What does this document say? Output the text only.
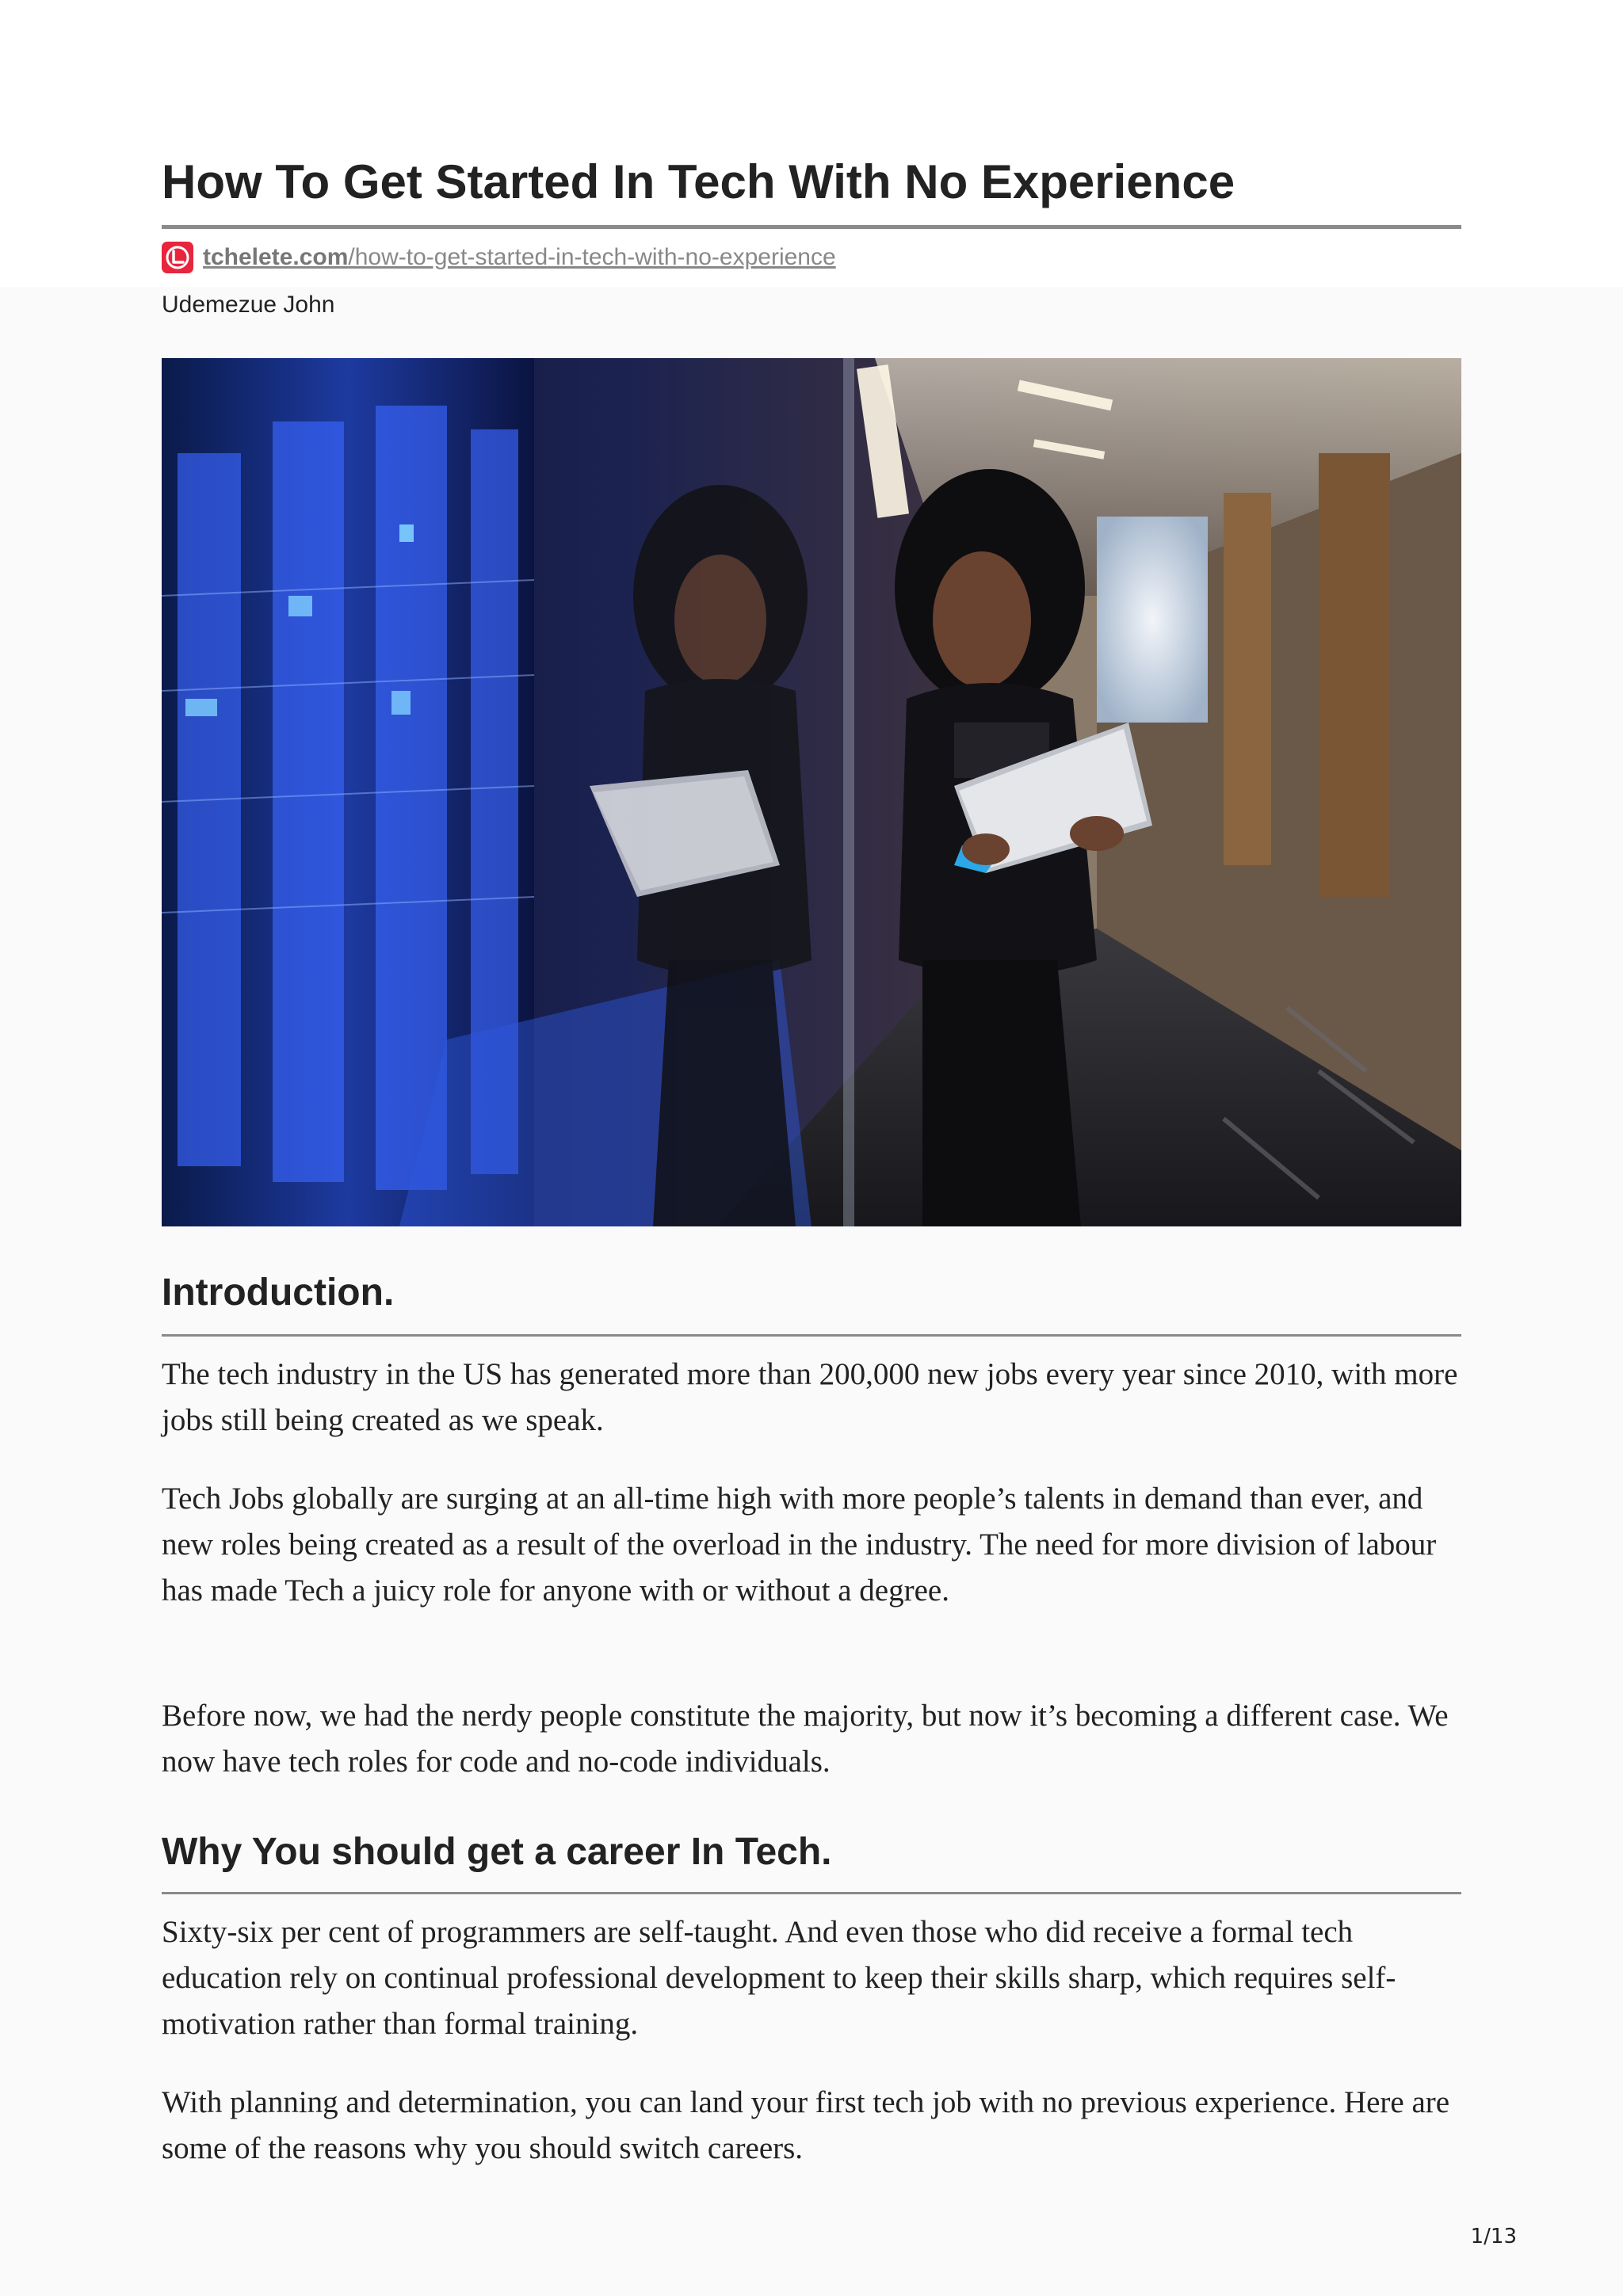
How To Get Started In Tech With No Experience
tchelete.com/how-to-get-started-in-tech-with-no-experience
Udemezue John
Introduction.

The tech industry in the US has generated more than 200,000 new jobs every year since 2010, with more jobs still being created as we speak.

Tech Jobs globally are surging at an all-time high with more people’s talents in demand than ever, and new roles being created as a result of the overload in the industry. The need for more division of labour has made Tech a juicy role for anyone with or without a degree.

Before now, we had the nerdy people constitute the majority, but now it’s becoming a different case. We now have tech roles for code and no-code individuals.

Why You should get a career In Tech.

Sixty-six per cent of programmers are self-taught. And even those who did receive a formal tech education rely on continual professional development to keep their skills sharp, which requires self-motivation rather than formal training.

With planning and determination, you can land your first tech job with no previous experience. Here are some of the reasons why you should switch careers.

1/13
